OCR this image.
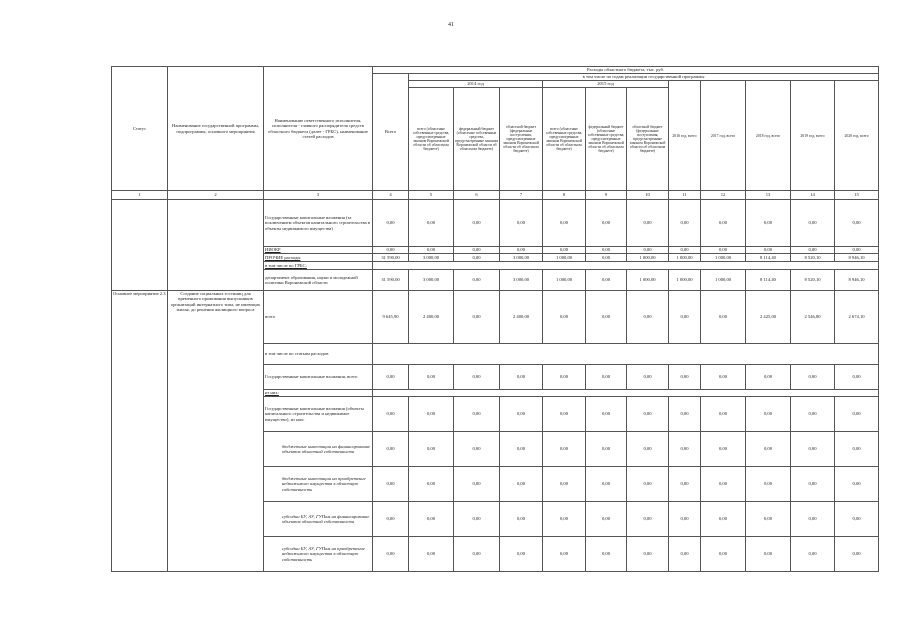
41
Статус	Наименование государственной программы, подпрограммы, основного мероприятия	Наименование ответственного исполнителя, исполнителя - главного распорядителя средств областного бюджета (далее - ГРБС), наименование статей расходов	Расходы областного бюджета, тыс. руб.											
			Всего	в том числе по годам реализации государственной программы										
				2014 год			2015 год			2016 год, всего	2017 год, всего	2018 год, всего	2019 год, всего	2020 год, всего
				всего (областные собственные средства, предусмотренные законом Воронежской области об областном бюджете)	федеральный бюджет (областные собственные средства, предусмотренные законом Воронежской области об областном бюджете)	областной бюджет (федеральные поступления, предусмотренные законом Воронежской области об областном бюджете)	всего (областные собственные средства, предусмотренные законом Воронежской области об областном бюджете)	федеральный бюджет (областные собственные средства, предусмотренные законом Воронежской области об областном бюджете)	областной бюджет (федеральные поступления, предусмотренные законом Воронежской области об областном бюджете)					
1	2	3	4	5	6	7	8	9	10	11	12	13	14	15
		Государственные капитальные вложения (за исключением объектов капитального строительства в объекты недвижимого имущества)	0,00	0,00	0,00	0,00	0,00	0,00	0,00	0,00	0,00	0,00	0,00	0,00
		НИОКР	0,00	0,00	0,00	0,00	0,00	0,00	0,00	0,00	0,00	0,00	0,00	0,00
		ПРОЧИЕ расходы	31 590,00	3 000,00	0,00	3 000,00	1 000,00	0,00	1 000,00	1 000,00	1 000,00	8 114,40	8 520,10	8 946,10
		в том числе по ГРБС:												
		департамент образования, науки и молодежной политики Воронежской области	31 590,00	3 000,00	0,00	3 000,00	1 000,00	0,00	1 000,00	1 000,00	1 000,00	8 114,40	8 520,10	8 946,10
Основное мероприятие 2.3	Создание социальных гостиниц для временного проживания выпускников организаций интернатного типа, не имеющих жилья, до решения жилищного вопроса	всего	9 645,90	2 400,00	0,00	2 400,00	0,00	0,00	0,00	0,00	0,00	2 425,00	2 546,80	2 674,10
		в том числе по статьям расходов												
		Государственные капитальные вложения, всего	0,00	0,00	0,00	0,00	0,00	0,00	0,00	0,00	0,00	0,00	0,00	0,00
		из них:												
		Государственные капитальные вложения (объекты капитального строительства и недвижимое имущество), из них:	0,00	0,00	0,00	0,00	0,00	0,00	0,00	0,00	0,00	0,00	0,00	0,00
		бюджетные инвестиции на финансирование объектов областной собственности	0,00	0,00	0,00	0,00	0,00	0,00	0,00	0,00	0,00	0,00	0,00	0,00
		бюджетные инвестиции на приобретение недвижимого имущества в областную собственность	0,00	0,00	0,00	0,00	0,00	0,00	0,00	0,00	0,00	0,00	0,00	0,00
		субсидии БУ, АУ, ГУПам на финансирование объектов областной собственности	0,00	0,00	0,00	0,00	0,00	0,00	0,00	0,00	0,00	0,00	0,00	0,00
		субсидии БУ, АУ, ГУПам на приобретение недвижимого имущества в областную собственность	0,00	0,00	0,00	0,00	0,00	0,00	0,00	0,00	0,00	0,00	0,00	0,00
